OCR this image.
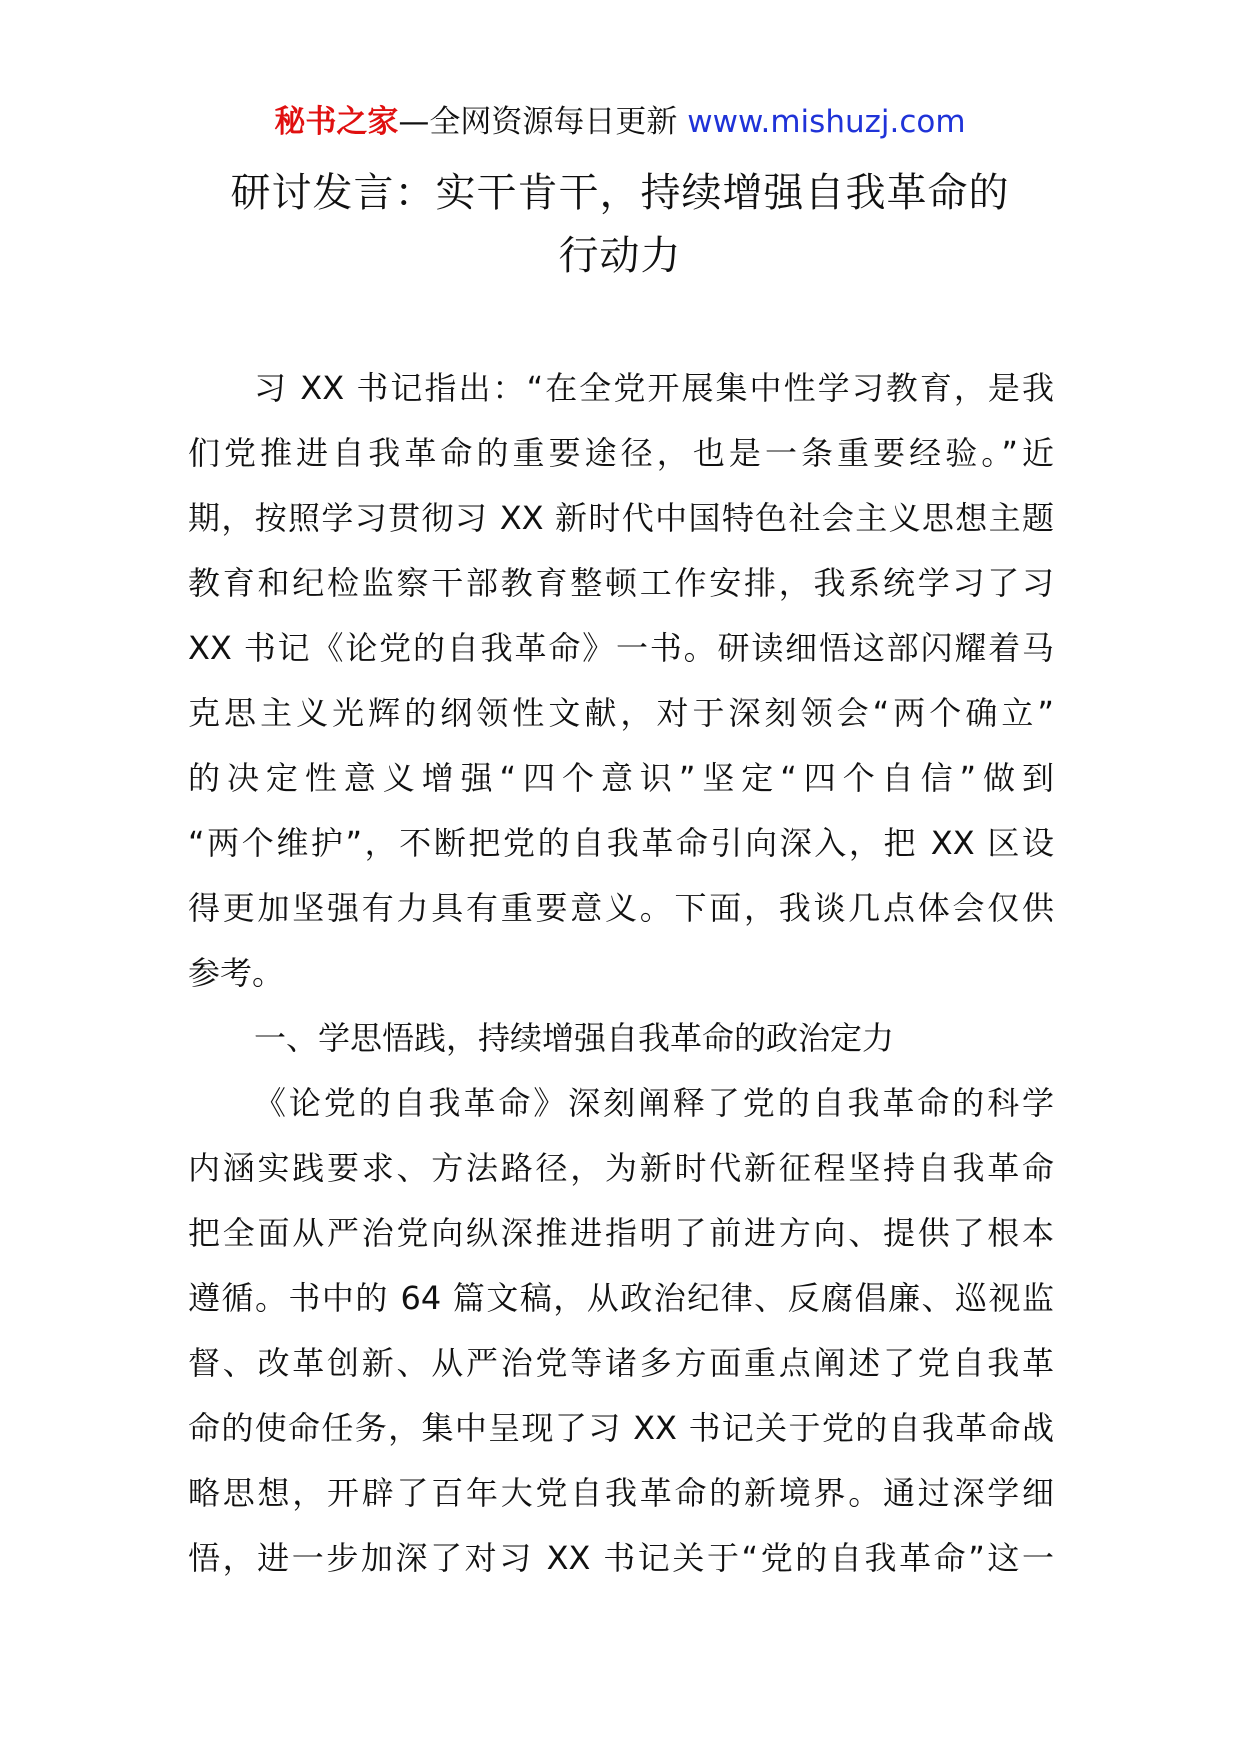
秘书之家—全网资源每日更新 www.mishuzj.com
研讨发言：实干肯干，持续增强自我革命的
行动力
习 XX 书记指出：“在全党开展集中性学习教育，是我
们党推进自我革命的重要途径，也是一条重要经验。”近
期，按照学习贯彻习 XX 新时代中国特色社会主义思想主题
教育和纪检监察干部教育整顿工作安排，我系统学习了习
XX 书记《论党的自我革命》一书。研读细悟这部闪耀着马
克思主义光辉的纲领性文献，对于深刻领会“两个确立”
的决定性意义增强“四个意识”坚定“四个自信”做到
“两个维护”，不断把党的自我革命引向深入，把 XX 区设
得更加坚强有力具有重要意义。下面，我谈几点体会仅供
参考。
一、学思悟践，持续增强自我革命的政治定力
《论党的自我革命》深刻阐释了党的自我革命的科学
内涵实践要求、方法路径，为新时代新征程坚持自我革命
把全面从严治党向纵深推进指明了前进方向、提供了根本
遵循。书中的 64 篇文稿，从政治纪律、反腐倡廉、巡视监
督、改革创新、从严治党等诸多方面重点阐述了党自我革
命的使命任务，集中呈现了习 XX 书记关于党的自我革命战
略思想，开辟了百年大党自我革命的新境界。通过深学细
悟，进一步加深了对习 XX 书记关于“党的自我革命”这一
